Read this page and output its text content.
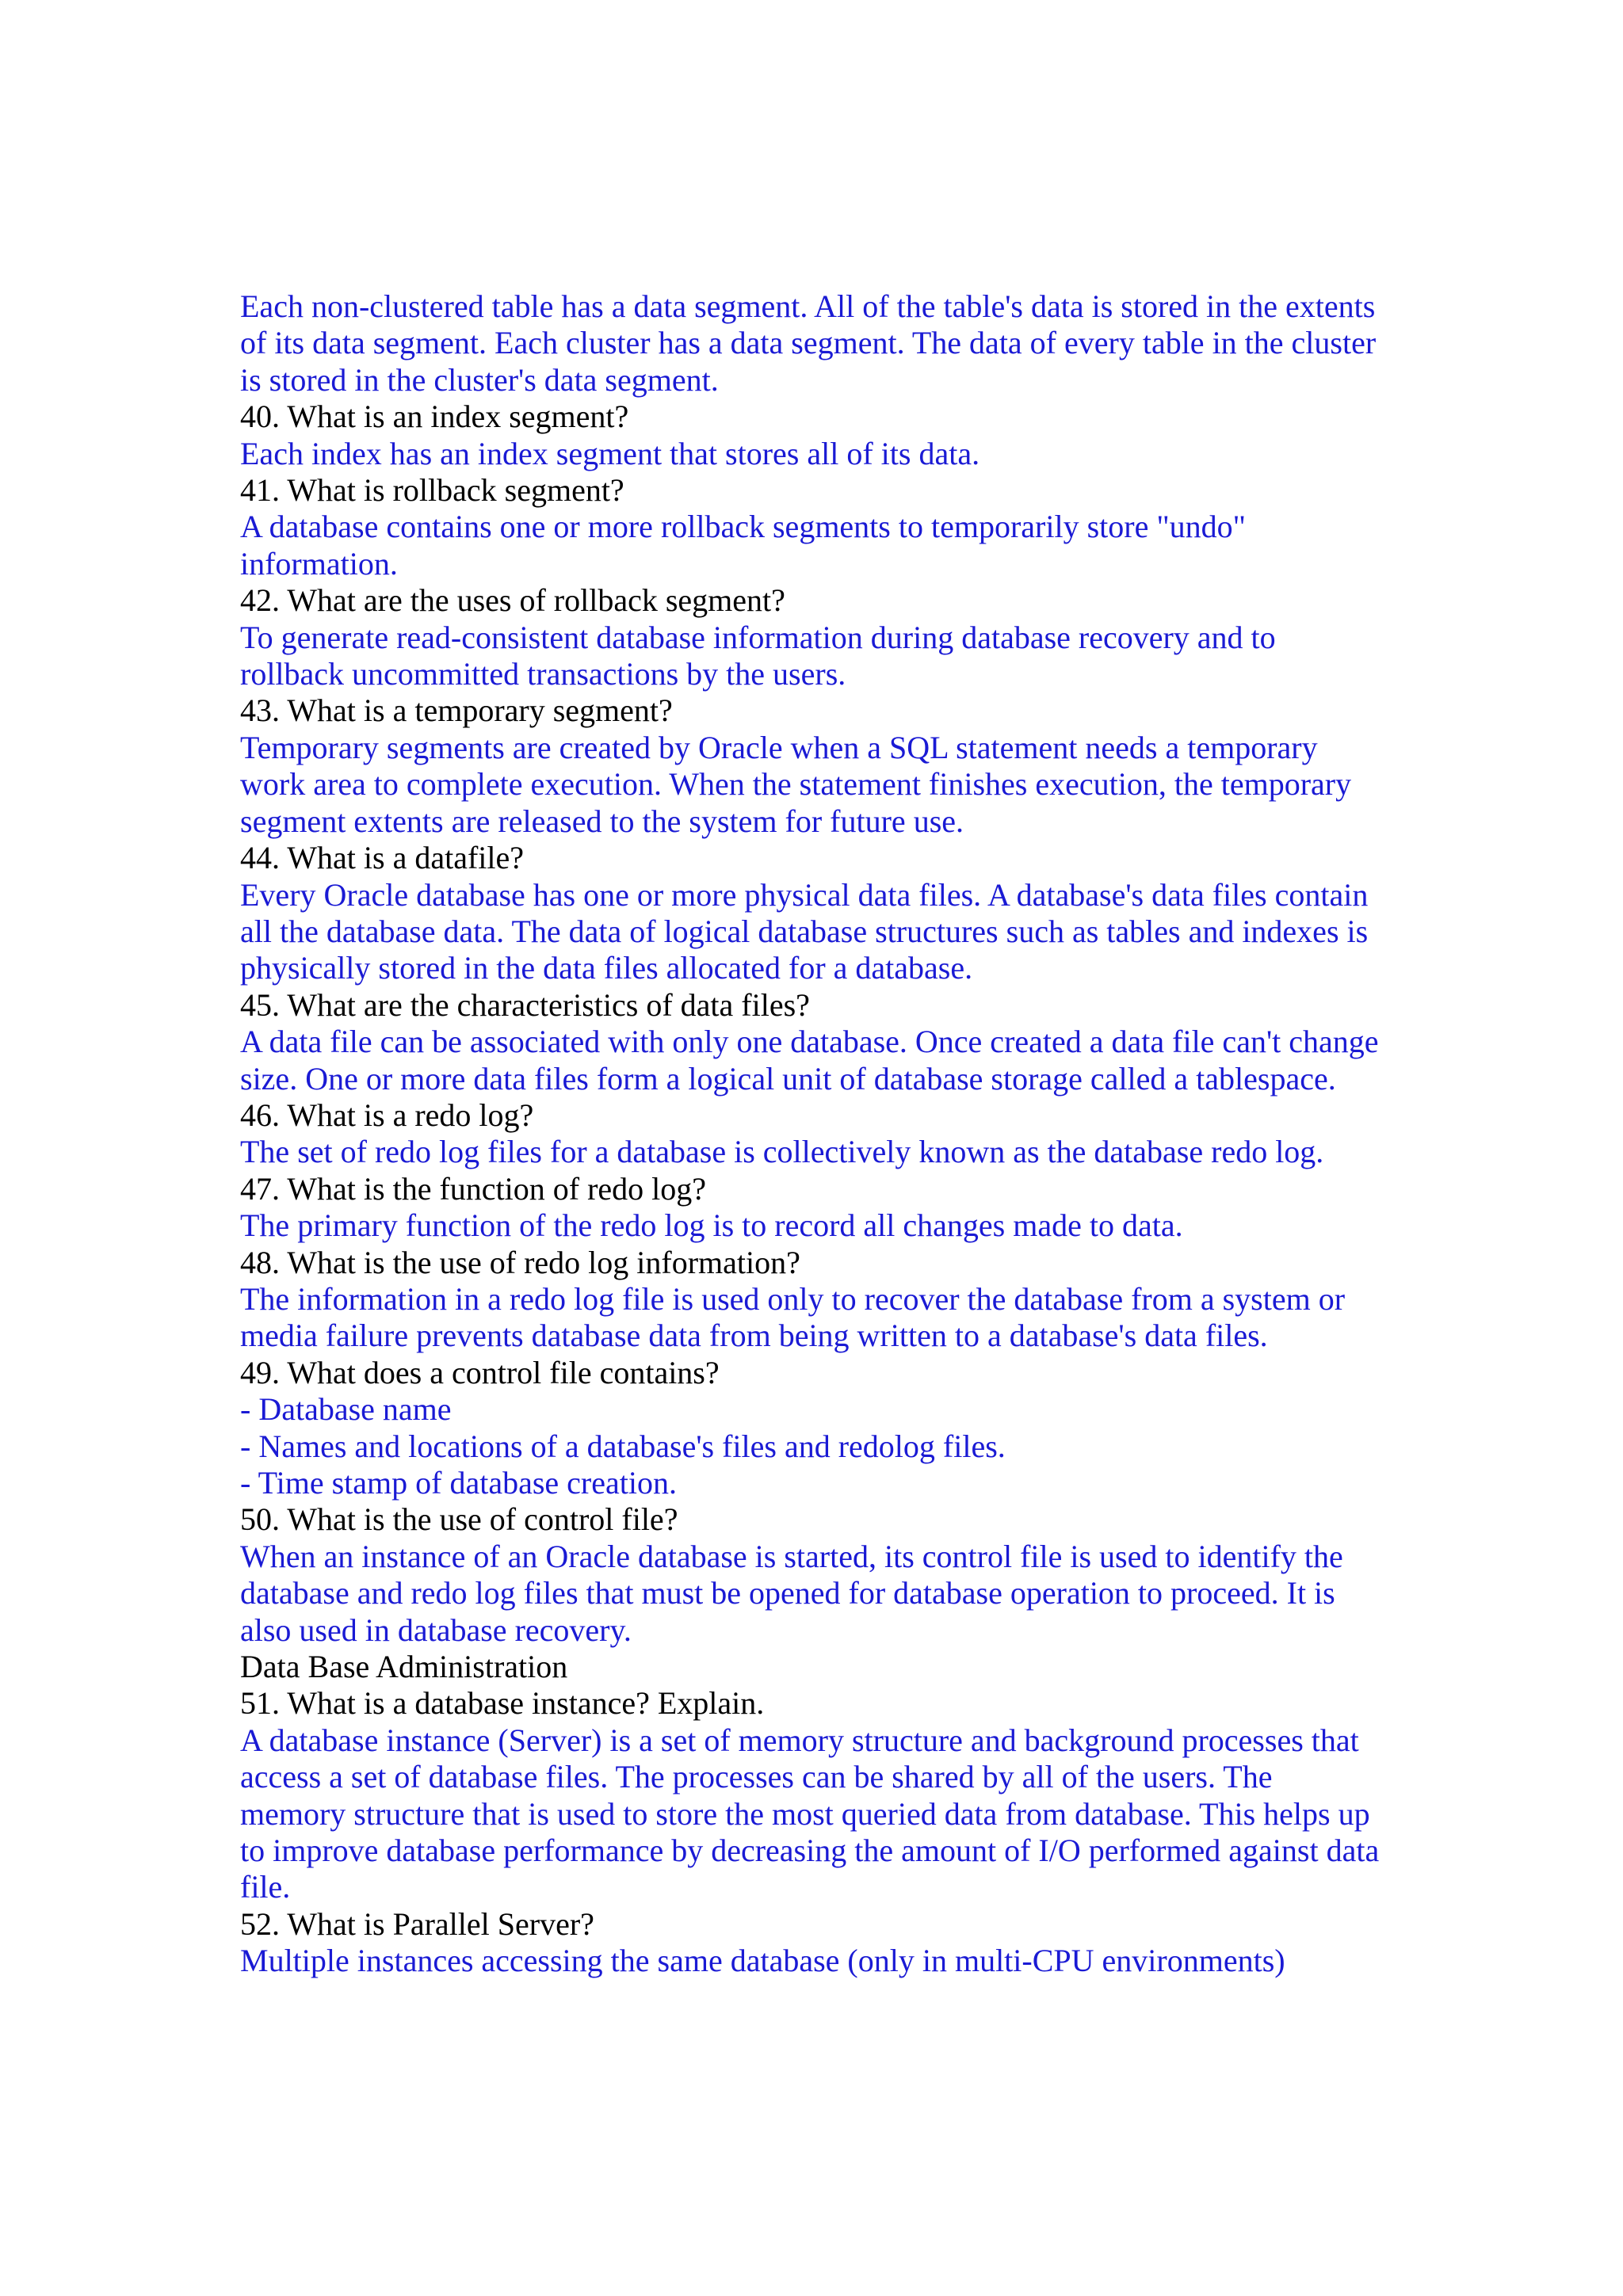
Each non-clustered table has a data segment. All of the table's data is stored in the extents
of its data segment. Each cluster has a data segment. The data of every table in the cluster
is stored in the cluster's data segment.
40. What is an index segment?
Each index has an index segment that stores all of its data.
41. What is rollback segment?
A database contains one or more rollback segments to temporarily store "undo"
information.
42. What are the uses of rollback segment?
To generate read-consistent database information during database recovery and to
rollback uncommitted transactions by the users.
43. What is a temporary segment?
Temporary segments are created by Oracle when a SQL statement needs a temporary
work area to complete execution. When the statement finishes execution, the temporary
segment extents are released to the system for future use.
44. What is a datafile?
Every Oracle database has one or more physical data files. A database's data files contain
all the database data. The data of logical database structures such as tables and indexes is
physically stored in the data files allocated for a database.
45. What are the characteristics of data files?
A data file can be associated with only one database. Once created a data file can't change
size. One or more data files form a logical unit of database storage called a tablespace.
46. What is a redo log?
The set of redo log files for a database is collectively known as the database redo log.
47. What is the function of redo log?
The primary function of the redo log is to record all changes made to data.
48. What is the use of redo log information?
The information in a redo log file is used only to recover the database from a system or
media failure prevents database data from being written to a database's data files.
49. What does a control file contains?
- Database name
- Names and locations of a database's files and redolog files.
- Time stamp of database creation.
50. What is the use of control file?
When an instance of an Oracle database is started, its control file is used to identify the
database and redo log files that must be opened for database operation to proceed. It is
also used in database recovery.
Data Base Administration
51. What is a database instance? Explain.
A database instance (Server) is a set of memory structure and background processes that
access a set of database files. The processes can be shared by all of the users. The
memory structure that is used to store the most queried data from database. This helps up
to improve database performance by decreasing the amount of I/O performed against data
file.
52. What is Parallel Server?
Multiple instances accessing the same database (only in multi-CPU environments)
